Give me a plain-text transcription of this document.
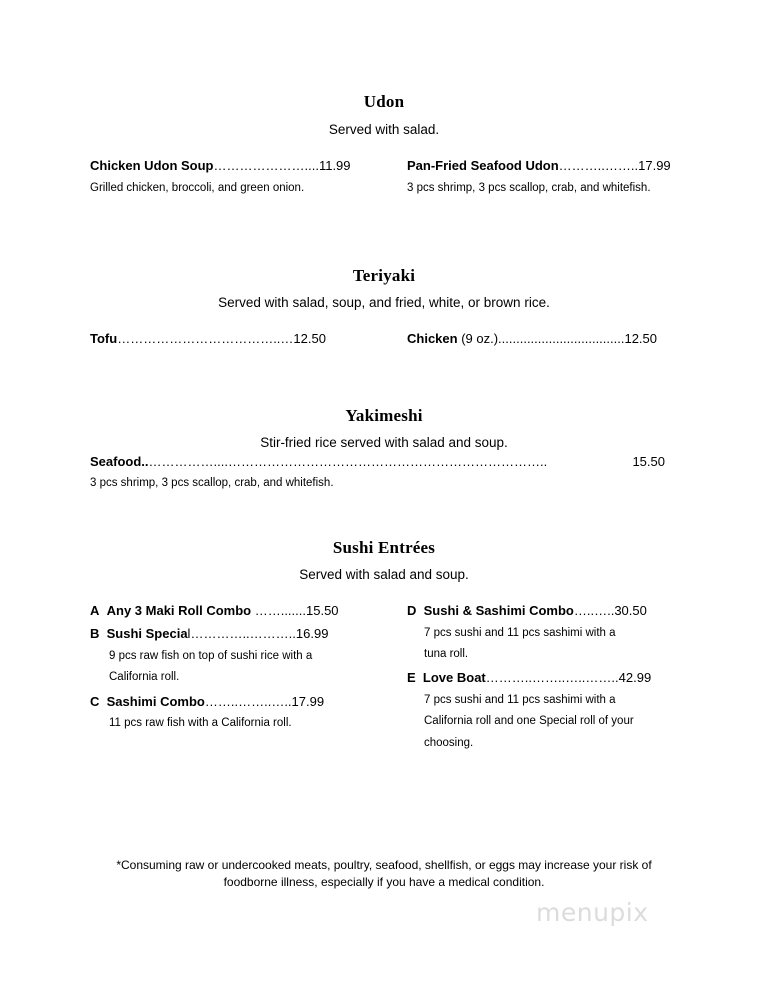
Udon
Served with salad.
Chicken Udon Soup…………………....11.99
Grilled chicken, broccoli, and green onion.
Pan-Fried Seafood Udon………..……..17.99
3 pcs shrimp, 3 pcs scallop, crab, and whitefish.
Teriyaki
Served with salad, soup, and fried, white, or brown rice.
Tofu………………………………..…12.50	Chicken (9 oz.)...................................12.50
Yakimeshi
Stir-fried rice served with salad and soup.
Seafood.. ……………....………………………………………………………………..	15.50
3 pcs shrimp, 3 pcs scallop, crab, and whitefish.
Sushi Entrées
Served with salad and soup.
A Any 3 Maki Roll Combo …….......15.50
B Sushi Special…………..………..16.99
9 pcs raw fish on top of sushi rice with a
California roll.
C Sashimi Combo……..……..…..17.99
11 pcs raw fish with a California roll.
D Sushi & Sashimi Combo…..…..30.50
7 pcs sushi and 11 pcs sashimi with a
tuna roll.
E Love Boat………..……..…..……..42.99
7 pcs sushi and 11 pcs sashimi with a
California roll and one Special roll of your
choosing.
*Consuming raw or undercooked meats, poultry, seafood, shellfish, or eggs may increase your risk of
foodborne illness, especially if you have a medical condition.
menupix
